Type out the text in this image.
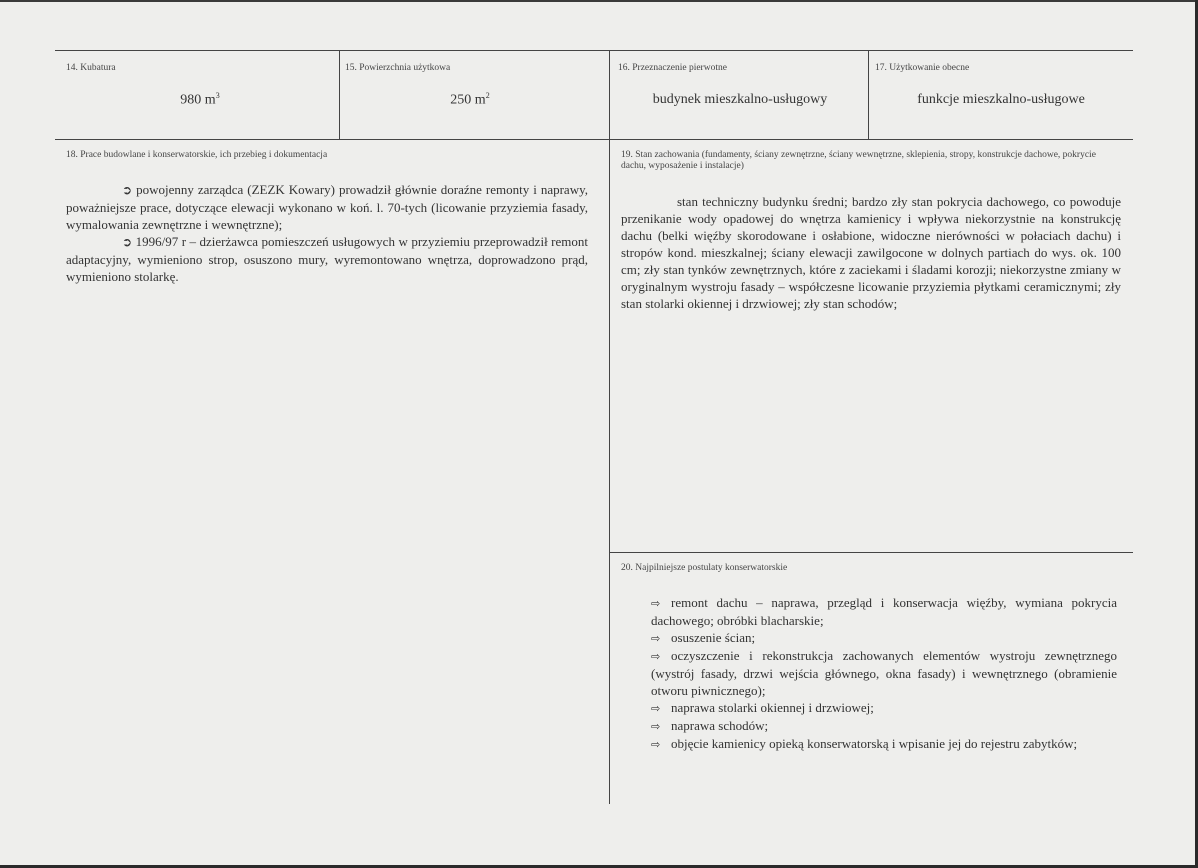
14. Kubatura
980 $m^3$
15. Powierzchnia użytkowa
250 $m^2$
16. Przeznaczenie pierwotne
budynek mieszkalno-usługowy
17. Użytkowanie obecne
funkcje mieszkalno-usługowe
18. Prace budowlane i konserwatorskie, ich przebieg i dokumentacja

➲ powojenny zarządca (ZEZK Kowary) prowadził głównie doraźne remonty i naprawy, poważniejsze prace, dotyczące elewacji wykonano w koń. l. 70-tych (licowanie przyziemia fasady, wymalowania zewnętrzne i wewnętrzne);

➲ 1996/97 r – dzierżawca pomieszczeń usługowych w przyziemiu przeprowadził remont adaptacyjny, wymieniono strop, osuszono mury, wyremontowano wnętrza, doprowadzono prąd, wymieniono stolarkę.

19. Stan zachowania (fundamenty, ściany zewnętrzne, ściany wewnętrzne, sklepienia, stropy, konstrukcje dachowe, pokrycie dachu, wyposażenie i instalacje)

stan techniczny budynku średni; bardzo zły stan pokrycia dachowego, co powoduje przenikanie wody opadowej do wnętrza kamienicy i wpływa niekorzystnie na konstrukcję dachu (belki więźby skorodowane i osłabione, widoczne nierówności w połaciach dachu) i stropów kond. mieszkalnej; ściany elewacji zawilgocone w dolnych partiach do wys. ok. 100 cm; zły stan tynków zewnętrznych, które z zaciekami i śladami korozji; niekorzystne zmiany w oryginalnym wystroju fasady – współczesne licowanie przyziemia płytkami ceramicznymi; zły stan stolarki okiennej i drzwiowej; zły stan schodów;

20. Najpilniejsze postulaty konserwatorskie
⇨ remont dachu – naprawa, przegląd i konserwacja więźby, wymiana pokrycia dachowego; obróbki blacharskie;
⇨ osuszenie ścian;
⇨ oczyszczenie i rekonstrukcja zachowanych elementów wystroju zewnętrznego (wystrój fasady, drzwi wejścia głównego, okna fasady) i wewnętrznego (obramienie otworu piwnicznego);
⇨ naprawa stolarki okiennej i drzwiowej;
⇨ naprawa schodów;
⇨ objęcie kamienicy opieką konserwatorską i wpisanie jej do rejestru zabytków;
